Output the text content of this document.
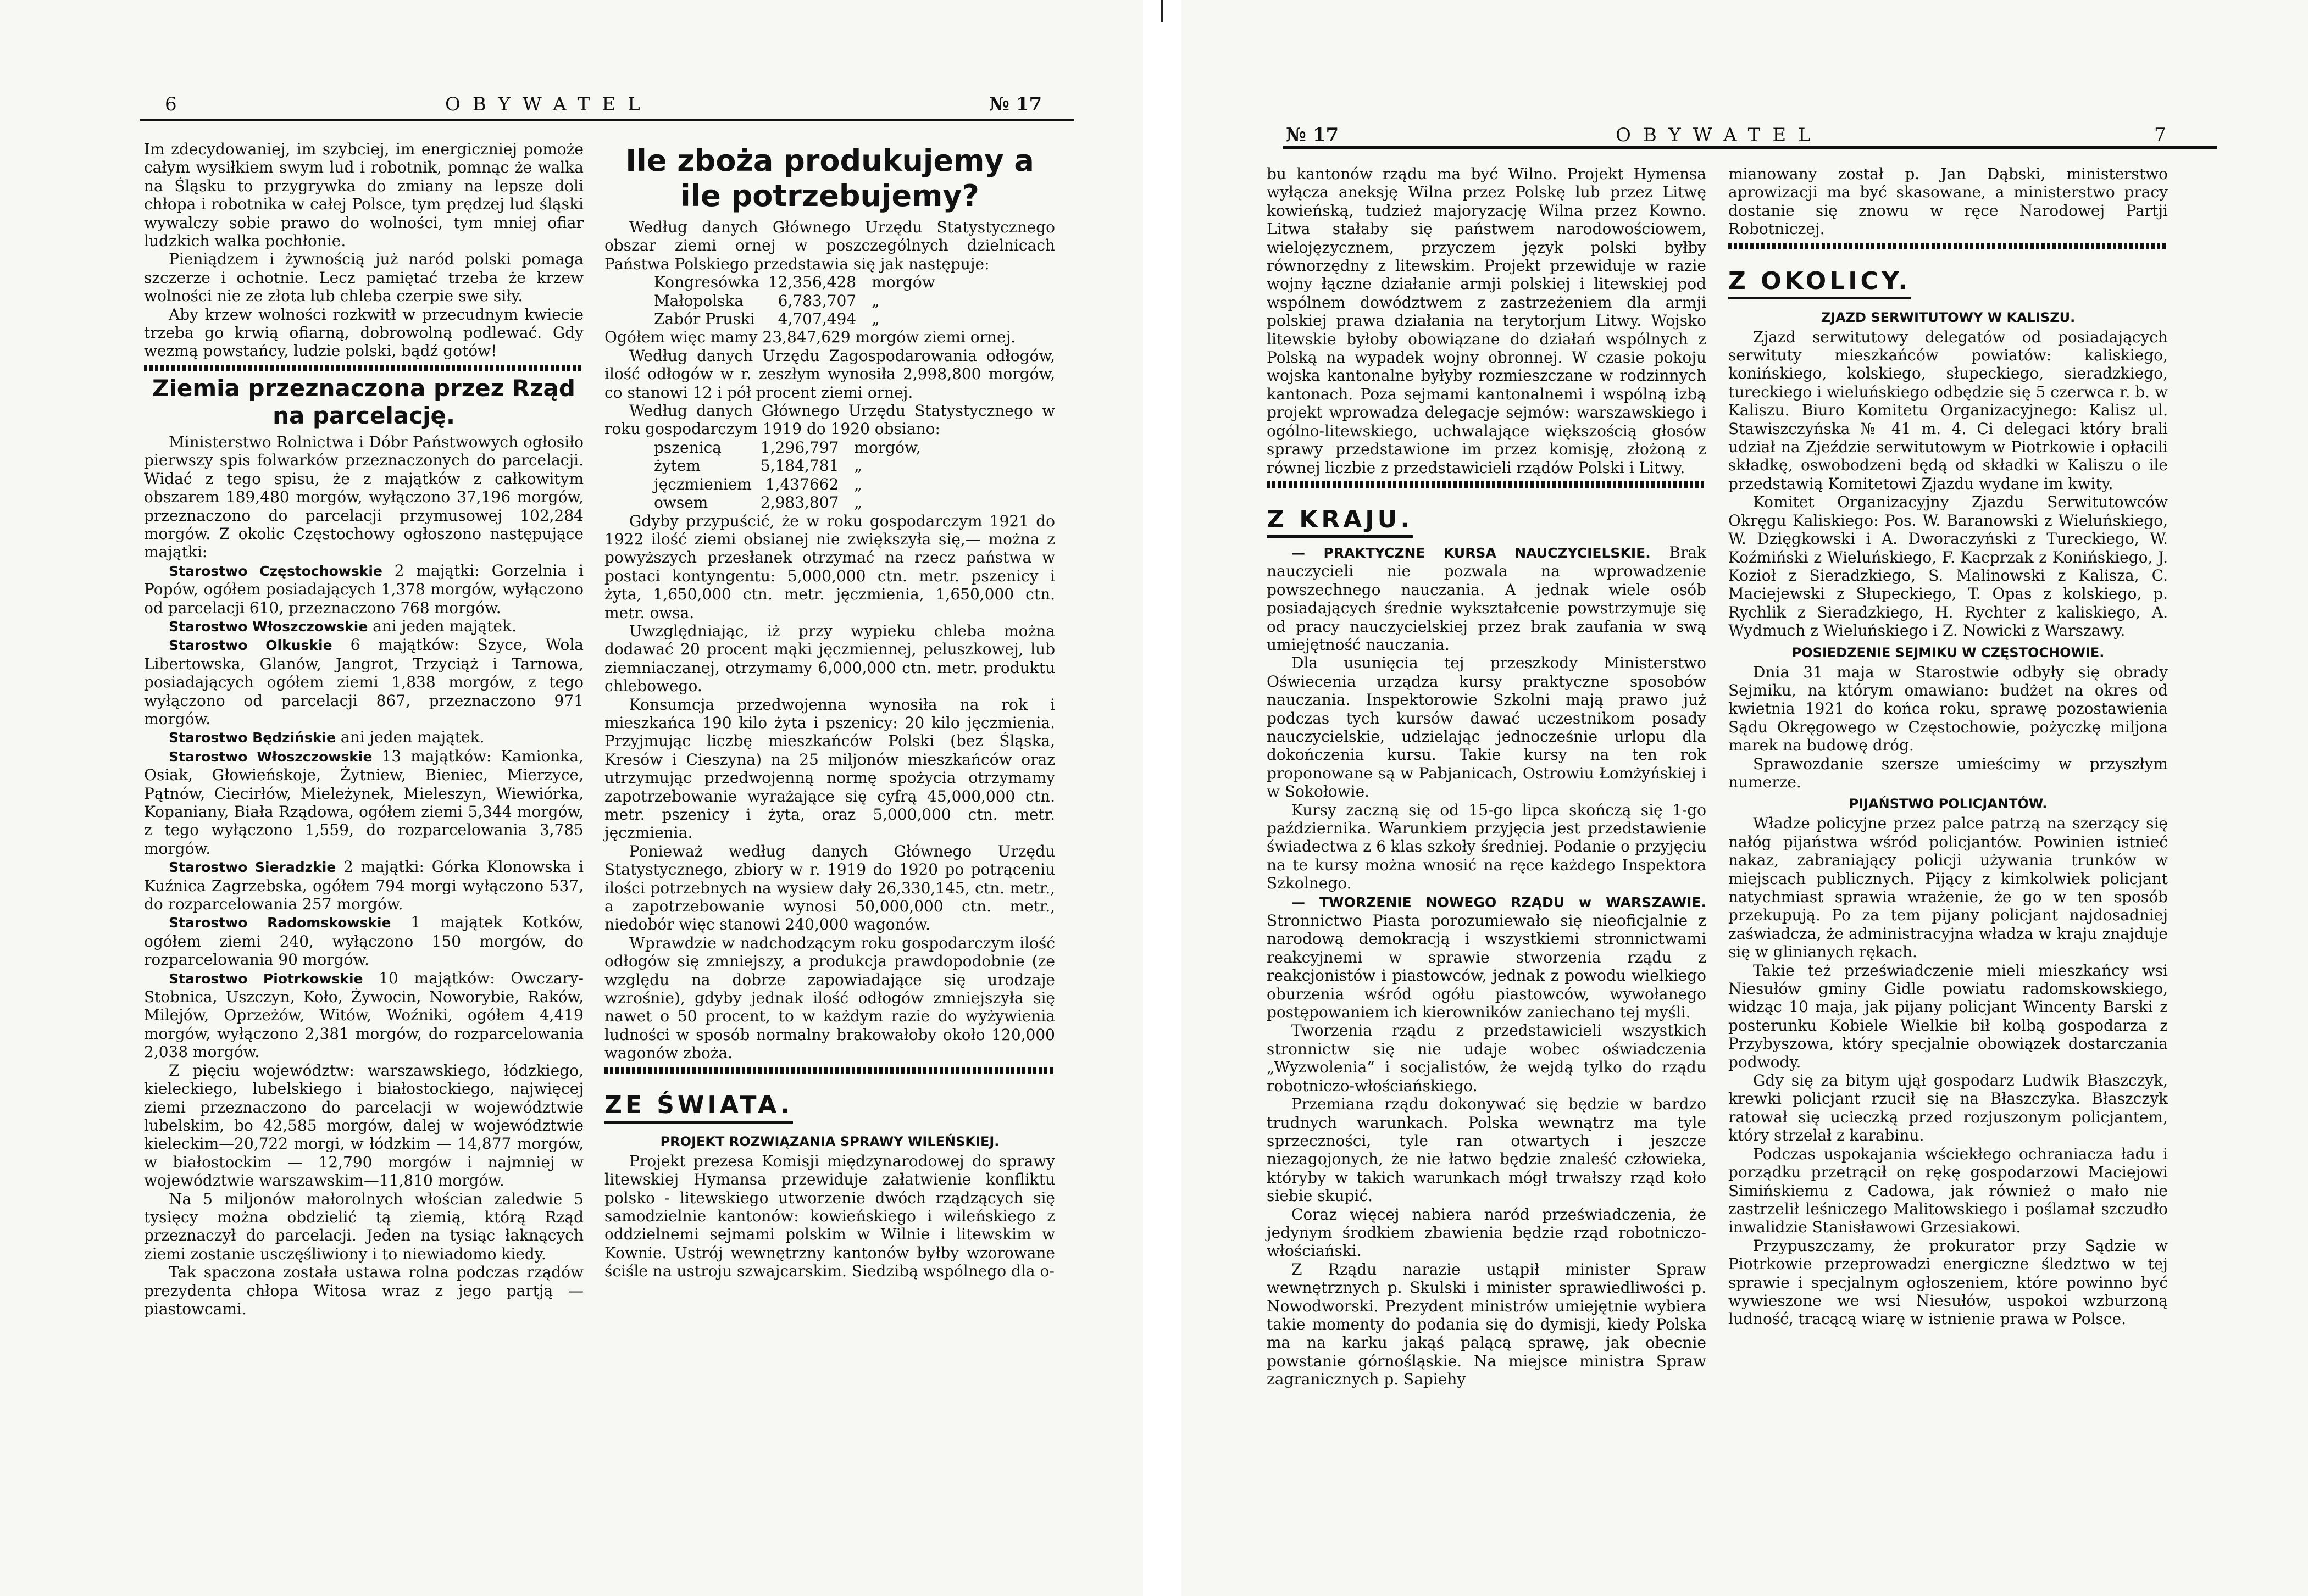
6	OBYWATEL	№ 17

Im zdecydowaniej, im szybciej, im energiczniej pomoże całym wysiłkiem swym lud i robotnik, pomnąc że walka na Śląsku to przygrywka do zmiany na lepsze doli chłopa i robotnika w całej Polsce, tym prędzej lud śląski wywalczy sobie prawo do wolności, tym mniej ofiar ludzkich walka pochłonie.

Pieniądzem i żywnością już naród polski pomaga szczerze i ochotnie. Lecz pamiętać trzeba że krzew wolności nie ze złota lub chleba czerpie swe siły.

Aby krzew wolności rozkwitł w przecudnym kwiecie trzeba go krwią ofiarną, dobrowolną podlewać. Gdy wezmą powstańcy, ludzie polski, bądź gotów!

Ziemia przeznaczona przez Rząd na parcelację.

Ministerstwo Rolnictwa i Dóbr Państwowych ogłosiło pierwszy spis folwarków przeznaczonych do parcelacji. Widać z tego spisu, że z majątków z całkowitym obszarem 189,480 morgów, wyłączono 37,196 morgów, przeznaczono do parcelacji przymusowej 102,284 morgów. Z okolic Częstochowy ogłoszono następujące majątki:

Starostwo Częstochowskie 2 majątki: Gorzelnia i Popów, ogółem posiadających 1,378 morgów, wyłączono od parcelacji 610, przeznaczono 768 morgów.

Starostwo Włoszczowskie ani jeden majątek.

Starostwo Olkuskie 6 majątków: Szyce, Wola Libertowska, Glanów, Jangrot, Trzyciąż i Tarnowa, posiadających ogółem ziemi 1,838 morgów, z tego wyłączono od parcelacji 867, przeznaczono 971 morgów.

Starostwo Będzińskie ani jeden majątek.

Starostwo Włoszczowskie 13 majątków: Kamionka, Osiak, Głowieńskoje, Żytniew, Bieniec, Mierzyce, Pątnów, Ciecirłów, Mieleżynek, Mieleszyn, Wiewiórka, Kopaniany, Biała Rządowa, ogółem ziemi 5,344 morgów, z tego wyłączono 1,559, do rozparcelowania 3,785 morgów.

Starostwo Sieradzkie 2 majątki: Górka Klonowska i Kuźnica Zagrzebska, ogółem 794 morgi wyłączono 537, do rozparcelowania 257 morgów.

Starostwo Radomskowskie 1 majątek Kotków, ogółem ziemi 240, wyłączono 150 morgów, do rozparcelowania 90 morgów.

Starostwo Piotrkowskie 10 majątków: Owczary-Stobnica, Uszczyn, Koło, Żywocin, Noworybie, Raków, Milejów, Oprzeżów, Witów, Woźniki, ogółem 4,419 morgów, wyłączono 2,381 morgów, do rozparcelowania 2,038 morgów.

Z pięciu województw: warszawskiego, łódzkiego, kieleckiego, lubelskiego i białostockiego, najwięcej ziemi przeznaczono do parcelacji w województwie lubelskim, bo 42,585 morgów, dalej w województwie kieleckim—20,722 morgi, w łódzkim — 14,877 morgów, w białostockim — 12,790 morgów i najmniej w województwie warszawskim—11,810 morgów.

Na 5 miljonów małorolnych włościan zaledwie 5 tysięcy można obdzielić tą ziemią, którą Rząd przeznaczył do parcelacji. Jeden na tysiąc łaknących ziemi zostanie usczęśliwiony i to niewiadomo kiedy.

Tak spaczona została ustawa rolna podczas rządów prezydenta chłopa Witosa wraz z jego partją — piastowcami.

Ile zboża produkujemy a ile potrzebujemy?

Według danych Głównego Urzędu Statystycznego obszar ziemi ornej w poszczególnych dzielnicach Państwa Polskiego przedstawia się jak następuje:

Kongresówka	12,356,428	morgów
Małopolska	6,783,707	„
Zabór Pruski	4,707,494	„

Ogółem więc mamy 23,847,629 morgów ziemi ornej.

Według danych Urzędu Zagospodarowania odłogów, ilość odłogów w r. zeszłym wynosiła 2,998,800 morgów, co stanowi 12 i pół procent ziemi ornej.

Według danych Głównego Urzędu Statystycznego w roku gospodarczym 1919 do 1920 obsiano:

pszenicą	1,296,797	morgów,
żytem	5,184,781	„
jęczmieniem	1,437662	„
owsem	2,983,807	„

Gdyby przypuścić, że w roku gospodarczym 1921 do 1922 ilość ziemi obsianej nie zwiększyła się,— można z powyższych przesłanek otrzymać na rzecz państwa w postaci kontyngentu: 5,000,000 ctn. metr. pszenicy i żyta, 1,650,000 ctn. metr. jęczmienia, 1,650,000 ctn. metr. owsa.

Uwzględniając, iż przy wypieku chleba można dodawać 20 procent mąki jęczmiennej, peluszkowej, lub ziemniaczanej, otrzymamy 6,000,000 ctn. metr. produktu chlebowego.

Konsumcja przedwojenna wynosiła na rok i mieszkańca 190 kilo żyta i pszenicy: 20 kilo jęczmienia. Przyjmując liczbę mieszkańców Polski (bez Śląska, Kresów i Cieszyna) na 25 miljonów mieszkańców oraz utrzymując przedwojenną normę spożycia otrzymamy zapotrzebowanie wyrażające się cyfrą 45,000,000 ctn. metr. pszenicy i żyta, oraz 5,000,000 ctn. metr. jęczmienia.

Ponieważ według danych Głównego Urzędu Statystycznego, zbiory w r. 1919 do 1920 po potrąceniu ilości potrzebnych na wysiew dały 26,330,145, ctn. metr., a zapotrzebowanie wynosi 50,000,000 ctn. metr., niedobór więc stanowi 240,000 wagonów.

Wprawdzie w nadchodzącym roku gospodarczym ilość odłogów się zmniejszy, a produkcja prawdopodobnie (ze względu na dobrze zapowiadające się urodzaje wzrośnie), gdyby jednak ilość odłogów zmniejszyła się nawet o 50 procent, to w każdym razie do wyżywienia ludności w sposób normalny brakowałoby około 120,000 wagonów zboża.

ZE ŚWIATA.
PROJEKT ROZWIĄZANIA SPRAWY WILEŃSKIEJ.

Projekt prezesa Komisji międzynarodowej do sprawy litewskiej Hymansa przewiduje załatwienie konfliktu polsko - litewskiego utworzenie dwóch rządzących się samodzielnie kantonów: kowieńskiego i wileńskiego z oddzielnemi sejmami polskim w Wilnie i litewskim w Kownie. Ustrój wewnętrzny kantonów byłby wzorowane ściśle na ustroju szwajcarskim. Siedzibą wspólnego dla o-

№ 17	OBYWATEL	7

bu kantonów rządu ma być Wilno. Projekt Hymensa wyłącza aneksję Wilna przez Polskę lub przez Litwę kowieńską, tudzież majoryzację Wilna przez Kowno. Litwa stałaby się państwem narodowościowem, wielojęzycznem, przyczem język polski byłby równorzędny z litewskim. Projekt przewiduje w razie wojny łączne działanie armji polskiej i litewskiej pod wspólnem dowództwem z zastrzeżeniem dla armji polskiej prawa działania na terytorjum Litwy. Wojsko litewskie byłoby obowiązane do działań wspólnych z Polską na wypadek wojny obronnej. W czasie pokoju wojska kantonalne byłyby rozmieszczane w rodzinnych kantonach. Poza sejmami kantonalnemi i wspólną izbą projekt wprowadza delegacje sejmów: warszawskiego i ogólno-litewskiego, uchwalające większością głosów sprawy przedstawione im przez komisję, złożoną z równej liczbie z przedstawicieli rządów Polski i Litwy.

Z KRAJU.

— PRAKTYCZNE KURSA NAUCZYCIELSKIE. Brak nauczycieli nie pozwala na wprowadzenie powszechnego nauczania. A jednak wiele osób posiadających średnie wykształcenie powstrzymuje się od pracy nauczycielskiej przez brak zaufania w swą umiejętność nauczania.

Dla usunięcia tej przeszkody Ministerstwo Oświecenia urządza kursy praktyczne sposobów nauczania. Inspektorowie Szkolni mają prawo już podczas tych kursów dawać uczestnikom posady nauczycielskie, udzielając jednocześnie urlopu dla dokończenia kursu. Takie kursy na ten rok proponowane są w Pabjanicach, Ostrowiu Łomżyńskiej i w Sokołowie.

Kursy zaczną się od 15-go lipca skończą się 1-go października. Warunkiem przyjęcia jest przedstawienie świadectwa z 6 klas szkoły średniej. Podanie o przyjęciu na te kursy można wnosić na ręce każdego Inspektora Szkolnego.

— TWORZENIE NOWEGO RZĄDU w WARSZAWIE. Stronnictwo Piasta porozumiewało się nieoficjalnie z narodową demokracją i wszystkiemi stronnictwami reakcyjnemi w sprawie stworzenia rządu z reakcjonistów i piastowców, jednak z powodu wielkiego oburzenia wśród ogółu piastowców, wywołanego postępowaniem ich kierowników zaniechano tej myśli.

Tworzenia rządu z przedstawicieli wszystkich stronnictw się nie udaje wobec oświadczenia „Wyzwolenia“ i socjalistów, że wejdą tylko do rządu robotniczo-włościańskiego.

Przemiana rządu dokonywać się będzie w bardzo trudnych warunkach. Polska wewnątrz ma tyle sprzeczności, tyle ran otwartych i jeszcze niezagojonych, że nie łatwo będzie znaleść człowieka, któryby w takich warunkach mógł trwałszy rząd koło siebie skupić.

Coraz więcej nabiera naród przeświadczenia, że jedynym środkiem zbawienia będzie rząd robotniczo-włościański.

Z Rządu narazie ustąpił minister Spraw wewnętrznych p. Skulski i minister sprawiedliwości p. Nowodworski. Prezydent ministrów umiejętnie wybiera takie momenty do podania się do dymisji, kiedy Polska ma na karku jakąś palącą sprawę, jak obecnie powstanie górnośląskie. Na miejsce ministra Spraw zagranicznych p. Sapiehy

mianowany został p. Jan Dąbski, ministerstwo aprowizacji ma być skasowane, a ministerstwo pracy dostanie się znowu w ręce Narodowej Partji Robotniczej.

Z OKOLICY.
ZJAZD SERWITUTOWY W KALISZU.

Zjazd serwitutowy delegatów od posiadających serwituty mieszkańców powiatów: kaliskiego, konińskiego, kolskiego, słupeckiego, sieradzkiego, tureckiego i wieluńskiego odbędzie się 5 czerwca r. b. w Kaliszu. Biuro Komitetu Organizacyjnego: Kalisz ul. Stawiszczyńska № 41 m. 4. Ci delegaci który brali udział na Zjeździe serwitutowym w Piotrkowie i opłacili składkę, oswobodzeni będą od składki w Kaliszu o ile przedstawią Komitetowi Zjazdu wydane im kwity.

Komitet Organizacyjny Zjazdu Serwitutowców Okręgu Kaliskiego: Pos. W. Baranowski z Wieluńskiego, W. Dzięgkowski i A. Dworaczyński z Tureckiego, W. Koźmiński z Wieluńskiego, F. Kacprzak z Konińskiego, J. Kozioł z Sieradzkiego, S. Malinowski z Kalisza, C. Maciejewski z Słupeckiego, T. Opas z kolskiego, p. Rychlik z Sieradzkiego, H. Rychter z kaliskiego, A. Wydmuch z Wieluńskiego i Z. Nowicki z Warszawy.

POSIEDZENIE SEJMIKU W CZĘSTOCHOWIE.

Dnia 31 maja w Starostwie odbyły się obrady Sejmiku, na którym omawiano: budżet na okres od kwietnia 1921 do końca roku, sprawę pozostawienia Sądu Okręgowego w Częstochowie, pożyczkę miljona marek na budowę dróg.

Sprawozdanie szersze umieścimy w przyszłym numerze.

PIJAŃSTWO POLICJANTÓW.

Władze policyjne przez palce patrzą na szerzący się nałóg pijaństwa wśród policjantów. Powinien istnieć nakaz, zabraniający policji używania trunków w miejscach publicznych. Pijący z kimkolwiek policjant natychmiast sprawia wrażenie, że go w ten sposób przekupują. Po za tem pijany policjant najdosadniej zaświadcza, że administracyjna władza w kraju znajduje się w glinianych rękach.

Takie też przeświadczenie mieli mieszkańcy wsi Niesułów gminy Gidle powiatu radomskowskiego, widząc 10 maja, jak pijany policjant Wincenty Barski z posterunku Kobiele Wielkie bił kolbą gospodarza z Przybyszowa, który specjalnie obowiązek dostarczania podwody.

Gdy się za bitym ujął gospodarz Ludwik Błaszczyk, krewki policjant rzucił się na Błaszczyka. Błaszczyk ratował się ucieczką przed rozjuszonym policjantem, który strzelał z karabinu.

Podczas uspokajania wściekłego ochraniacza ładu i porządku przetrącił on rękę gospodarzowi Maciejowi Simińskiemu z Cadowa, jak również o mało nie zastrzelił leśniczego Malitowskiego i poślamał szczudło inwalidzie Stanisławowi Grzesiakowi.

Przypuszczamy, że prokurator przy Sądzie w Piotrkowie przeprowadzi energiczne śledztwo w tej sprawie i specjalnym ogłoszeniem, które powinno być wywieszone we wsi Niesułów, uspokoi wzburzoną ludność, tracącą wiarę w istnienie prawa w Polsce.
